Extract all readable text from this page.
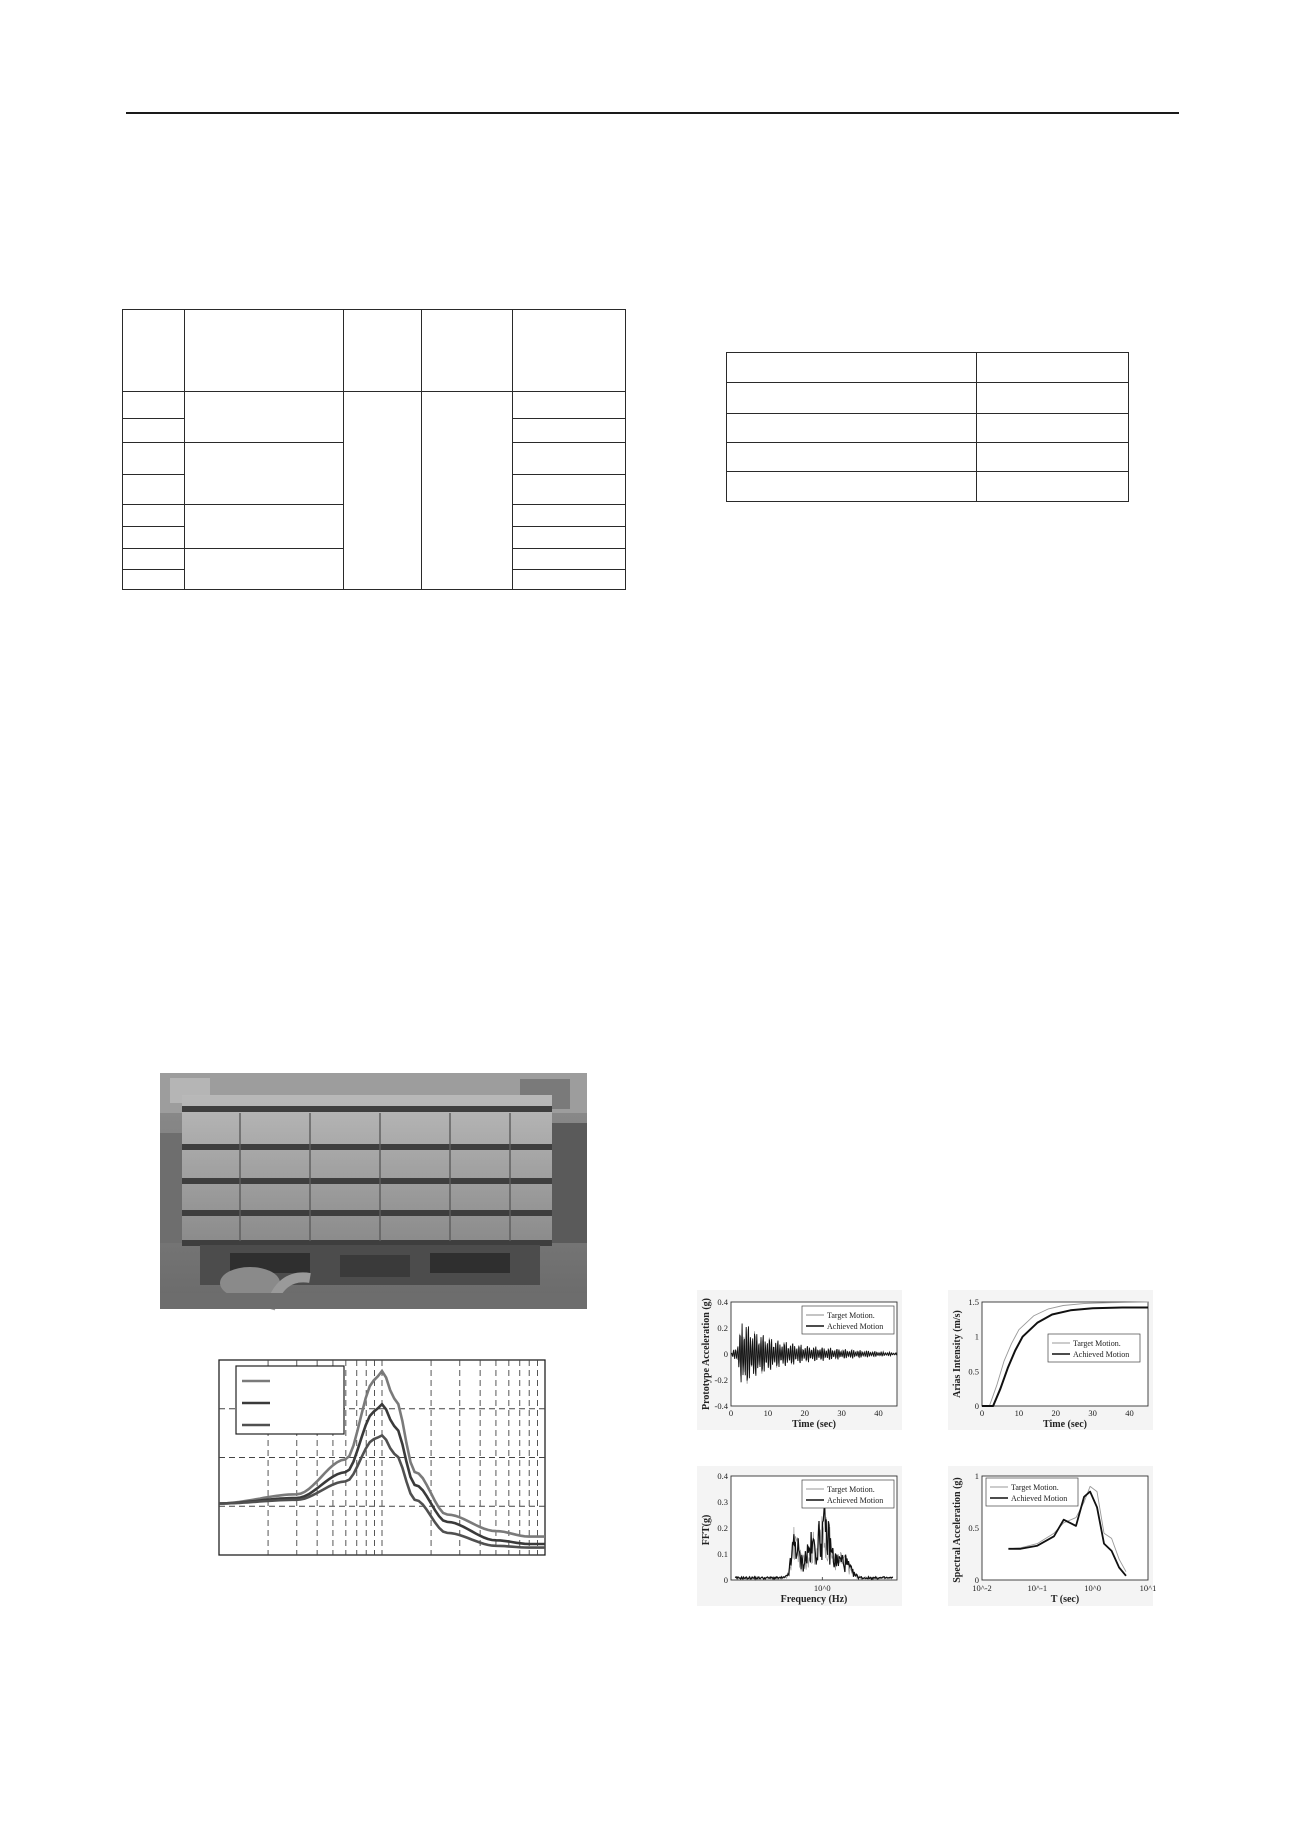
-0.4
-0.2
0
0.2
0.4
0	10	20	30	40
Target Motion.
Achieved Motion
Prototype Acceleration (g)
Time (sec)
0
0.5
1
1.5
0	10	20	30	40
Target Motion.
Achieved Motion
Arias Intensity (m/s)
Time (sec)
0
0.1
0.2
0.3
0.4
10^0
Target Motion.
Achieved Motion
FFT(g)
Frequency (Hz)
0
0.5
1
10^-2	10^-1	10^0	10^1
Target Motion.
Achieved Motion
Spectral Acceleration (g)
T (sec)
